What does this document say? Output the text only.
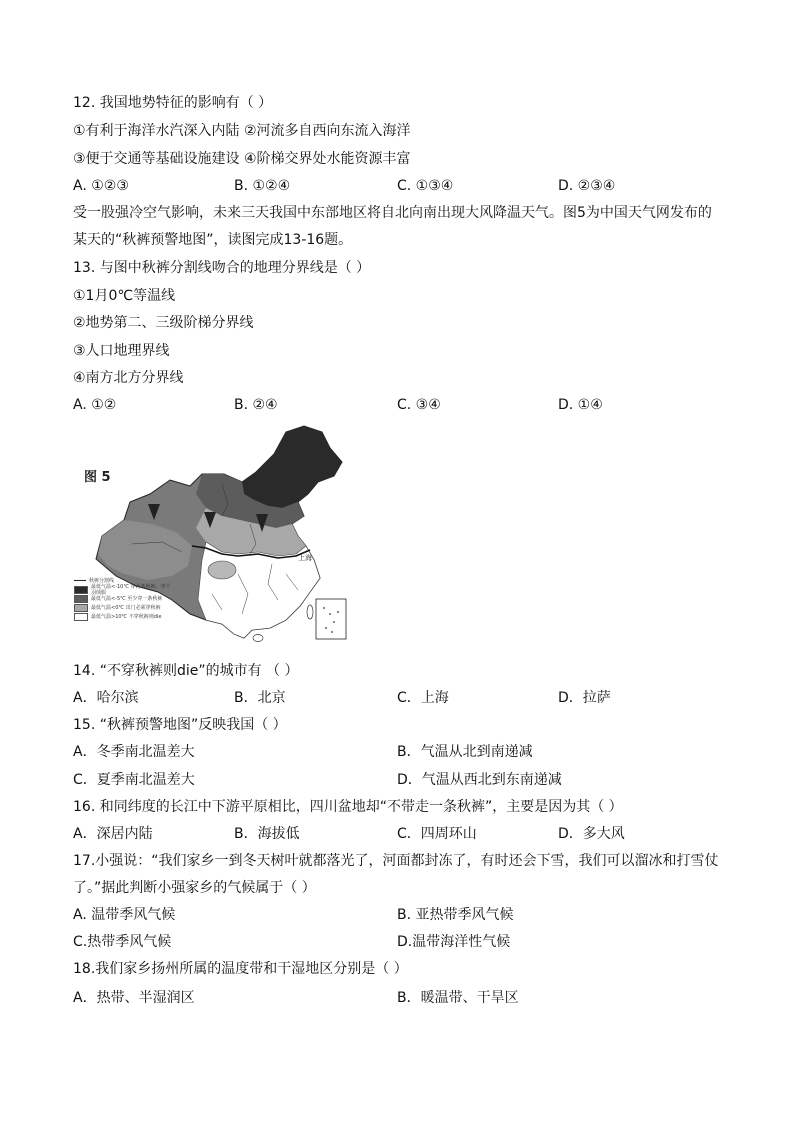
12. 我国地势特征的影响有（ ）
①有利于海洋水汽深入内陆 ②河流多自西向东流入海洋
③便于交通等基础设施建设 ④阶梯交界处水能资源丰富
A. ①②③	B. ①②④	C. ①③④	D. ②③④
受一股强冷空气影响，未来三天我国中东部地区将自北向南出现大风降温天气。图5为中国天气网发布的
某天的“秋裤预警地图”，读图完成13-16题。
13. 与图中秋裤分割线吻合的地理分界线是（ ）
①1月0℃等温线
②地势第二、三级阶梯分界线
③人口地理界线
④南方北方分界线
A. ①②	B. ②④	C. ③④	D. ①④
图 5
上海
秋裤分割线
最低气温<-10℃ 穿两条秋裤，穿个羽绒服
最低气温<-5℃ 至少穿一条秋裤
最低气温<0℃ 出门必须穿秋裤
最低气温>10℃ 不穿秋裤则die
14. “不穿秋裤则die”的城市有 （ ）
A．哈尔滨	B．北京	C．上海	D．拉萨
15. “秋裤预警地图”反映我国（ ）
A．冬季南北温差大	B．气温从北到南递减
C．夏季南北温差大	D．气温从西北到东南递减
16. 和同纬度的长江中下游平原相比，四川盆地却“不带走一条秋裤”，主要是因为其（ ）
A．深居内陆	B．海拔低	C．四周环山	D．多大风
17.小强说：“我们家乡一到冬天树叶就都落光了，河面都封冻了，有时还会下雪，我们可以溜冰和打雪仗
了。”据此判断小强家乡的气候属于（ ）
A. 温带季风气候	B. 亚热带季风气候
C.热带季风气候	D.温带海洋性气候
18.我们家乡扬州所属的温度带和干湿地区分别是（ ）
A．热带、半湿润区	B．暖温带、干旱区
